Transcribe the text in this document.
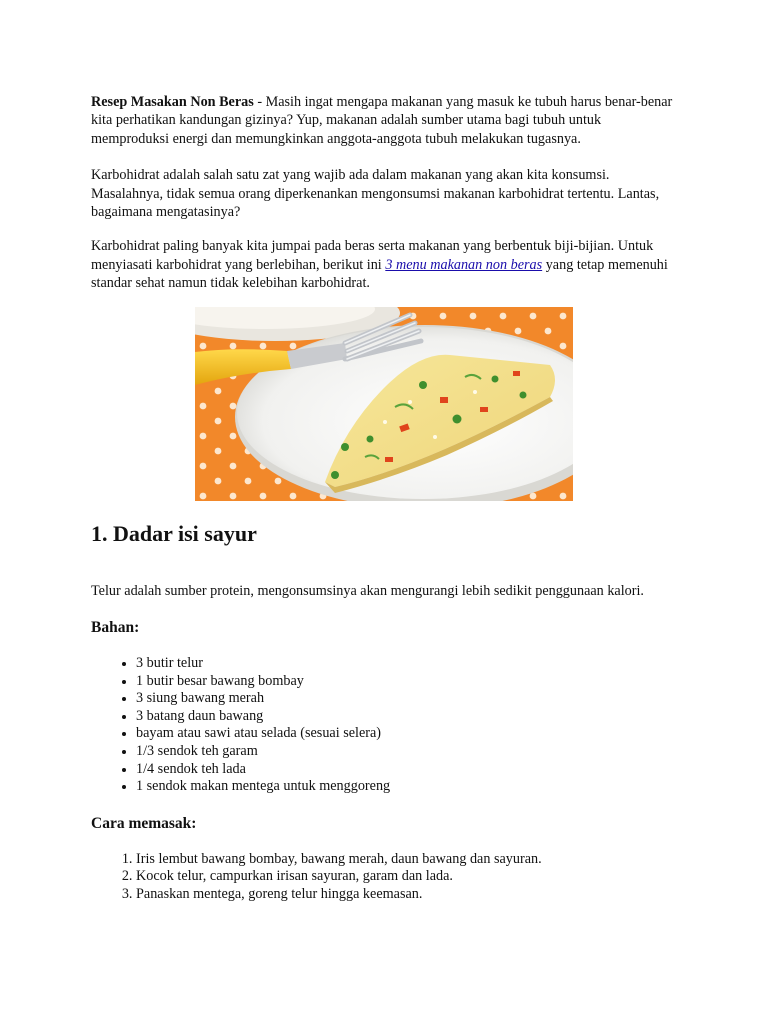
Resep Masakan Non Beras - Masih ingat mengapa makanan yang masuk ke tubuh harus benar-benar kita perhatikan kandungan gizinya? Yup, makanan adalah sumber utama bagi tubuh untuk memproduksi energi dan memungkinkan anggota-anggota tubuh melakukan tugasnya.

Karbohidrat adalah salah satu zat yang wajib ada dalam makanan yang akan kita konsumsi. Masalahnya, tidak semua orang diperkenankan mengonsumsi makanan karbohidrat tertentu. Lantas, bagaimana mengatasinya?

Karbohidrat paling banyak kita jumpai pada beras serta makanan yang berbentuk biji-bijian. Untuk menyiasati karbohidrat yang berlebihan, berikut ini 3 menu makanan non beras yang tetap memenuhi standar sehat namun tidak kelebihan karbohidrat.

1. Dadar isi sayur

Telur adalah sumber protein, mengonsumsinya akan mengurangi lebih sedikit penggunaan kalori.

Bahan:
• 3 butir telur
• 1 butir besar bawang bombay
• 3 siung bawang merah
• 3 batang daun bawang
• bayam atau sawi atau selada (sesuai selera)
• 1/3 sendok teh garam
• 1/4 sendok teh lada
• 1 sendok makan mentega untuk menggoreng
Cara memasak:
1. Iris lembut bawang bombay, bawang merah, daun bawang dan sayuran.
2. Kocok telur, campurkan irisan sayuran, garam dan lada.
3. Panaskan mentega, goreng telur hingga keemasan.
